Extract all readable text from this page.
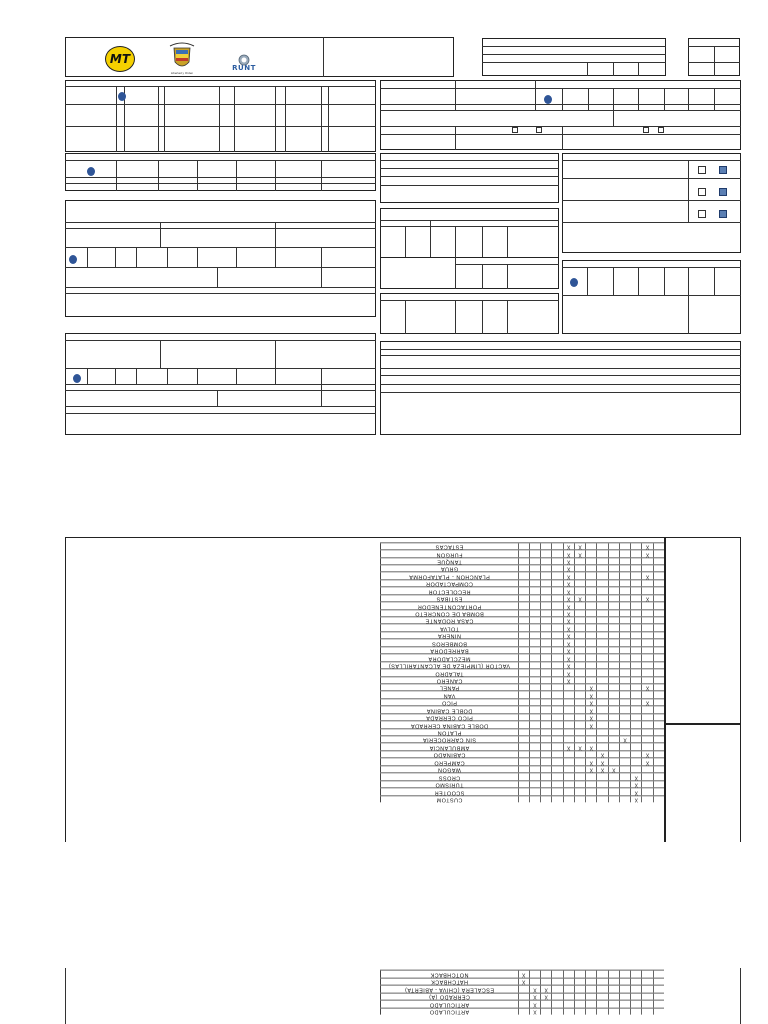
MT
Libertad y Orden
RUNT
X
CUSTOM
X
SCOOTER
X
TURISMO
X
CROSS
X
X
X
WAGON
X
X
X
CAMPERO
X
X
CABINADO
X
X
X
AMBULANCIA
X
SIN CARROCERIA
PLATON
X
DOBLE CABINA CERRADA
X
PICO CERRADA
X
DOBLE CABINA
X
X
PICO
X
VAN
X
X
PANEL
X
CAÑERO
X
TALADRO
X
VACTOR (LIMPIEZA DE ALCANTARILLAS)
X
MEZCLADORA
X
BARREDORA
X
BOMBEROS
X
NIÑERA
X
TOLVA
X
CASA RODANTE
X
BOMBA DE CONCRETO
X
PORTACONTENEDOR
X
X
X
ESTIBAS
X
RECOLECTOR
X
COMPACTADOR
X
X
PLANCHON - PLATAFORMA
X
GRUA
X
TANQUE
X
X
X
FURGON
X
X
X
ESTACAS
X
ARTICULADO
X
ARTICULADO
X
X
CERRADO (A)
X
X
ESCALERA (CHIVA - ABIERTA)
X
HATCHBACK
X
NOTCHBACK
